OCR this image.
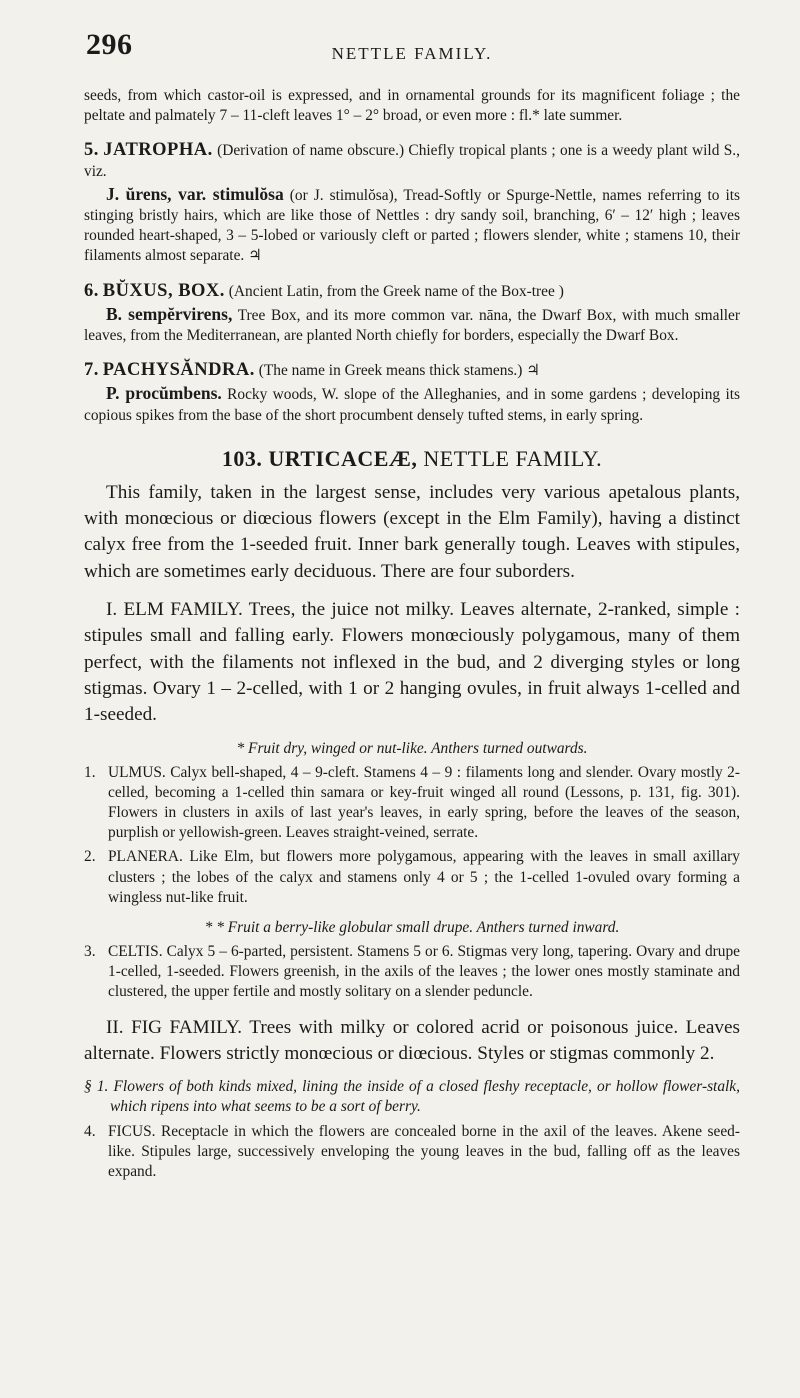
296	NETTLE FAMILY.

seeds, from which castor-oil is expressed, and in ornamental grounds for its magnificent foliage ; the peltate and palmately 7 – 11-cleft leaves 1° – 2° broad, or even more : fl.* late summer.

5. JATROPHA. (Derivation of name obscure.) Chiefly tropical plants ; one is a weedy plant wild S., viz.

J. ŭrens, var. stimulŏsa (or J. stimulŏsa), Tread-Softly or Spurge-Nettle, names referring to its stinging bristly hairs, which are like those of Nettles : dry sandy soil, branching, 6′ – 12′ high ; leaves rounded heart-shaped, 3 – 5-lobed or variously cleft or parted ; flowers slender, white ; stamens 10, their filaments almost separate. ♃

6. BŬXUS, BOX. (Ancient Latin, from the Greek name of the Box-tree )

B. sempĕrvirens, Tree Box, and its more common var. nāna, the Dwarf Box, with much smaller leaves, from the Mediterranean, are planted North chiefly for borders, especially the Dwarf Box.

7. PACHYSĂNDRA. (The name in Greek means thick stamens.) ♃

P. procŭmbens. Rocky woods, W. slope of the Alleghanies, and in some gardens ; developing its copious spikes from the base of the short procumbent densely tufted stems, in early spring.

103. URTICACEÆ, NETTLE FAMILY.

This family, taken in the largest sense, includes very various apetalous plants, with monœcious or diœcious flowers (except in the Elm Family), having a distinct calyx free from the 1-seeded fruit. Inner bark generally tough. Leaves with stipules, which are sometimes early deciduous. There are four suborders.

I. ELM FAMILY. Trees, the juice not milky. Leaves alternate, 2-ranked, simple : stipules small and falling early. Flowers monœciously polygamous, many of them perfect, with the filaments not inflexed in the bud, and 2 diverging styles or long stigmas. Ovary 1 – 2-celled, with 1 or 2 hanging ovules, in fruit always 1-celled and 1-seeded.

* Fruit dry, winged or nut-like. Anthers turned outwards.

1. ULMUS. Calyx bell-shaped, 4 – 9-cleft. Stamens 4 – 9 : filaments long and slender. Ovary mostly 2-celled, becoming a 1-celled thin samara or key-fruit winged all round (Lessons, p. 131, fig. 301). Flowers in clusters in axils of last year's leaves, in early spring, before the leaves of the season, purplish or yellowish-green. Leaves straight-veined, serrate.

2. PLANERA. Like Elm, but flowers more polygamous, appearing with the leaves in small axillary clusters ; the lobes of the calyx and stamens only 4 or 5 ; the 1-celled 1-ovuled ovary forming a wingless nut-like fruit.

* * Fruit a berry-like globular small drupe. Anthers turned inward.

3. CELTIS. Calyx 5 – 6-parted, persistent. Stamens 5 or 6. Stigmas very long, tapering. Ovary and drupe 1-celled, 1-seeded. Flowers greenish, in the axils of the leaves ; the lower ones mostly staminate and clustered, the upper fertile and mostly solitary on a slender peduncle.

II. FIG FAMILY. Trees with milky or colored acrid or poisonous juice. Leaves alternate. Flowers strictly monœcious or diœcious. Styles or stigmas commonly 2.

§ 1. Flowers of both kinds mixed, lining the inside of a closed fleshy receptacle, or hollow flower-stalk, which ripens into what seems to be a sort of berry.

4. FICUS. Receptacle in which the flowers are concealed borne in the axil of the leaves. Akene seed-like. Stipules large, successively enveloping the young leaves in the bud, falling off as the leaves expand.
